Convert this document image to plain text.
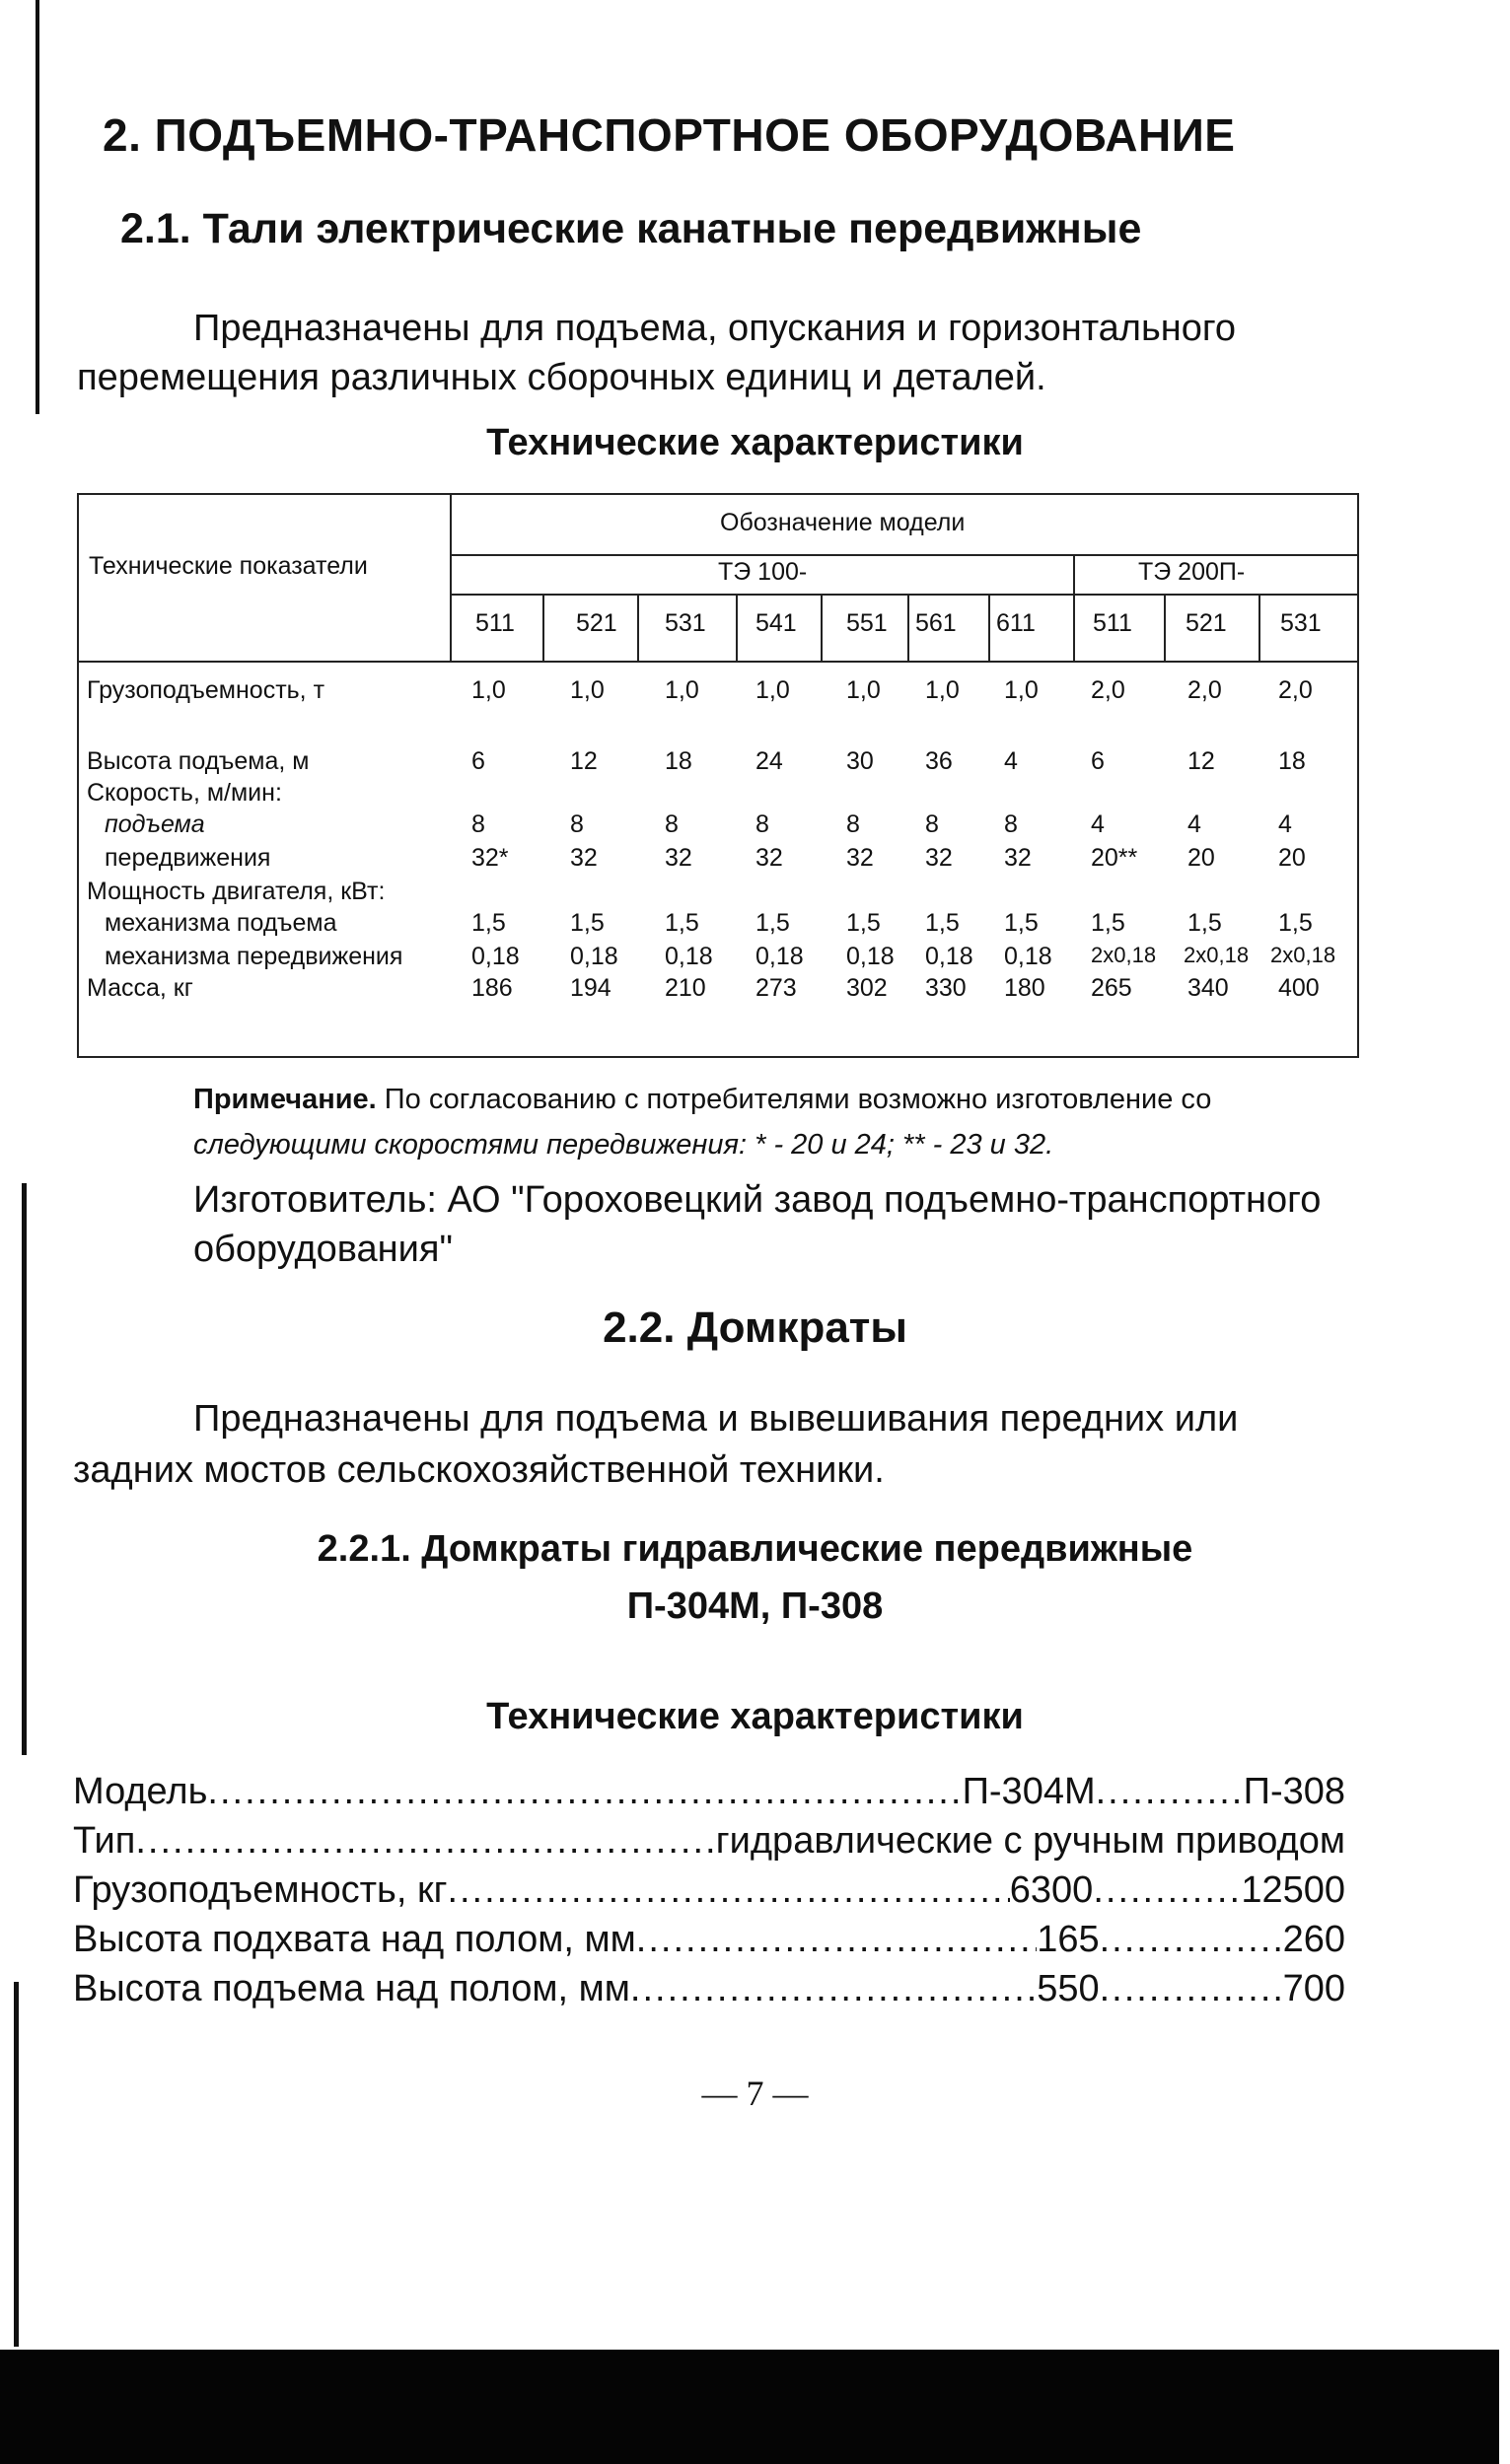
2. ПОДЪЕМНО-ТРАНСПОРТНОЕ ОБОРУДОВАНИЕ
2.1. Тали электрические канатные передвижные
Предназначены для подъема, опускания и горизонтального
перемещения различных сборочных единиц и деталей.
Технические характеристики
Технические показатели
Обозначение модели
ТЭ 100-	ТЭ 200П-
511 521 531 541 551 561 611 511 521 531
Грузоподъемность, т	1,0	1,0 1,0 1,0 1,0 1,0 1,0 2,0	2,0 2,0
Высота подъема, м	6	12	18	24	30 36 4	6	12	18
Скорость, м/мин:
подъема	8	8	8	8	8	8	8	4	4	4
передвижения	32* 32	32	32	32 32 32 20** 20	20
Мощность двигателя, кВт:
механизма подъема	1,5	1,5 1,5 1,5 1,5 1,5 1,5 1,5	1,5 1,5
механизма передвижения	0,18 0,18 0,18 0,18 0,18 0,18 0,18 2х0,18 2х0,18 2х0,18
Масса, кг	186 194 210 273 302 330 180 265 340 400
Примечание. По согласованию с потребителями возможно изготовление со
следующими скоростями передвижения: * - 20 и 24; ** - 23 и 32.
Изготовитель: АО "Гороховецкий завод подъемно-транспортного
оборудования"
2.2. Домкраты
Предназначены для подъема и вывешивания передних или
задних мостов сельскохозяйственной техники.
2.2.1. Домкраты гидравлические передвижные
П-304М, П-308
Технические характеристики
Модель .....	П-304М .....	П-308
Тип .....	гидравлические с ручным приводом
Грузоподъемность, кг .....	6300 .....	12500
Высота подхвата над полом, мм .....	165 .....	260
Высота подъема над полом, мм .....	550 .....	700
— 7 —
